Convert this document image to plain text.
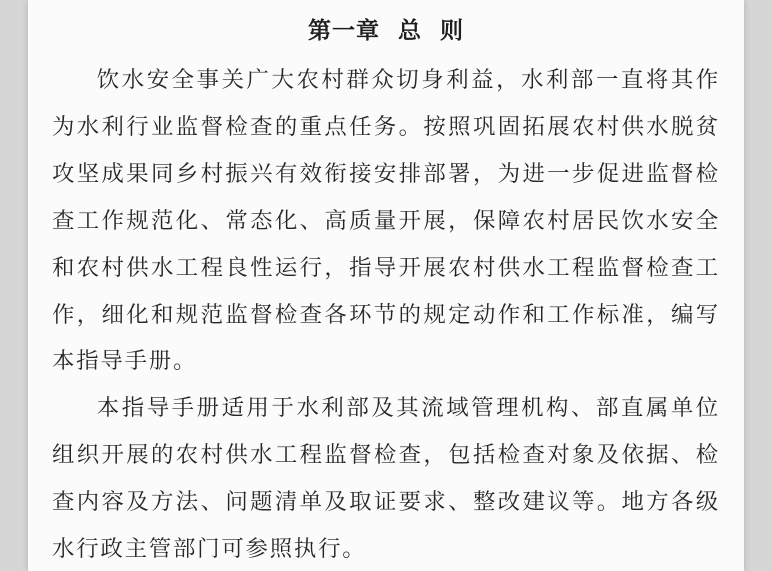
第一章  总  则

饮水安全事关广大农村群众切身利益，水利部一直将其作为水利行业监督检查的重点任务。按照巩固拓展农村供水脱贫攻坚成果同乡村振兴有效衔接安排部署，为进一步促进监督检查工作规范化、常态化、高质量开展，保障农村居民饮水安全和农村供水工程良性运行，指导开展农村供水工程监督检查工作，细化和规范监督检查各环节的规定动作和工作标准，编写本指导手册。

本指导手册适用于水利部及其流域管理机构、部直属单位组织开展的农村供水工程监督检查，包括检查对象及依据、检查内容及方法、问题清单及取证要求、整改建议等。地方各级水行政主管部门可参照执行。
